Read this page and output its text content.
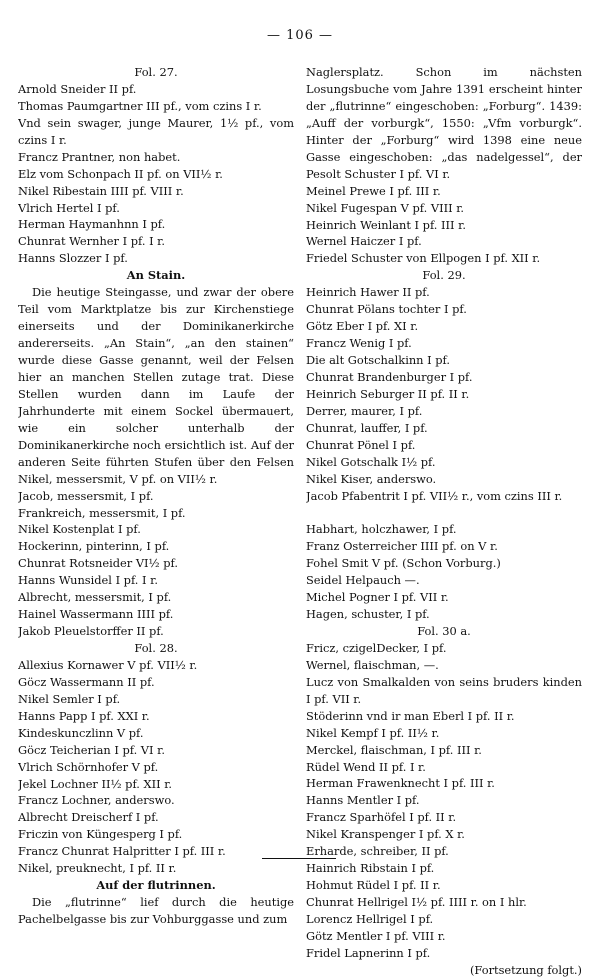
— 106 —
Fol. 27.
Arnold Sneider II pf.
Thomas Paumgartner III pf., vom czins I r.
Vnd sein swager, junge Maurer, 1½ pf., vom czins I r.
Francz Prantner, non habet.
Elz vom Schonpach II pf. on VII½ r.
Nikel Ribestain IIII pf. VIII r.
Vlrich Hertel I pf.
Herman Haymanhnn I pf.
Chunrat Wernher I pf. I r.
Hanns Slozzer I pf.
An Stain.
Die heutige Steingasse, und zwar der obere Teil vom Marktplatze bis zur Kirchenstiege einerseits und der Dominikanerkirche andererseits. „An Stain“, „an den stainen“ wurde diese Gasse genannt, weil der Felsen hier an manchen Stellen zutage trat. Diese Stellen wurden dann im Laufe der Jahrhunderte mit einem Sockel übermauert, wie ein solcher unterhalb der Dominikanerkirche noch ersichtlich ist. Auf der anderen Seite führten Stufen über den Felsen
Nikel, messersmit, V pf. on VII½ r.
Jacob, messersmit, I pf.
Frankreich, messersmit, I pf.
Nikel Kostenplat I pf.
Hockerinn, pinterinn, I pf.
Chunrat Rotsneider VI½ pf.
Hanns Wunsidel I pf. I r.
Albrecht, messersmit, I pf.
Hainel Wassermann IIII pf.
Jakob Pleuelstorffer II pf.
Fol. 28.
Allexius Kornawer V pf. VII½ r.
Göcz Wassermann II pf.
Nikel Semler I pf.
Hanns Papp I pf. XXI r.
Kindeskunczlinn V pf.
Göcz Teicherian I pf. VI r.
Vlrich Schörnhofer V pf.
Jekel Lochner II½ pf. XII r.
Francz Lochner, anderswo.
Albrecht Dreischerf I pf.
Friczin von Küngesperg I pf.
Francz Chunrat Halpritter I pf. III r.
Nikel, preuknecht, I pf. II r.
Auf der flutrinnen.
Die „flutrinne“ lief durch die heutige Pachelbelgasse bis zur Vohburggasse und zum
Naglersplatz. Schon im nächsten Losungsbuche vom Jahre 1391 erscheint hinter der „flutrinne“ eingeschoben: „Forburg“. 1439: „Auff der vorburgk“, 1550: „Vfm vorburgk“. Hinter der „Forburg“ wird 1398 eine neue Gasse eingeschoben: „das nadelgessel“, der
Pesolt Schuster I pf. VI r.
Meinel Prewe I pf. III r.
Nikel Fugespan V pf. VIII r.
Heinrich Weinlant I pf. III r.
Wernel Haiczer I pf.
Friedel Schuster von Ellpogen I pf. XII r.
Fol. 29.
Heinrich Hawer II pf.
Chunrat Pölans tochter I pf.
Götz Eber I pf. XI r.
Francz Wenig I pf.
Die alt Gotschalkinn I pf.
Chunrat Brandenburger I pf.
Heinrich Seburger II pf. II r.
Derrer, maurer, I pf.
Chunrat, lauffer, I pf.
Chunrat Pönel I pf.
Nikel Gotschalk I½ pf.
Nikel Kiser, anderswo.
Jacob Pfabentrit I pf. VII½ r., vom czins III r.
Habhart, holczhawer, I pf.
Franz Osterreicher IIII pf. on V r.
Fohel Smit V pf. (Schon Vorburg.)
Seidel Helpauch —.
Michel Pogner I pf. VII r.
Hagen, schuster, I pf.
Fol. 30 a.
Fricz, czigelDecker, I pf.
Wernel, flaischman, —.
Lucz von Smalkalden von seins bruders kinden I pf. VII r.
Stöderinn vnd ir man Eberl I pf. II r.
Nikel Kempf I pf. II½ r.
Merckel, flaischman, I pf. III r.
Rüdel Wend II pf. I r.
Herman Frawenknecht I pf. III r.
Hanns Mentler I pf.
Francz Sparhöfel I pf. II r.
Nikel Kranspenger I pf. X r.
Erharde, schreiber, II pf.
Hainrich Ribstain I pf.
Hohmut Rüdel I pf. II r.
Chunrat Hellrigel I½ pf. IIII r. on I hlr.
Lorencz Hellrigel I pf.
Götz Mentler I pf. VIII r.
Fridel Lapnerinn I pf.
(Fortsetzung folgt.)
